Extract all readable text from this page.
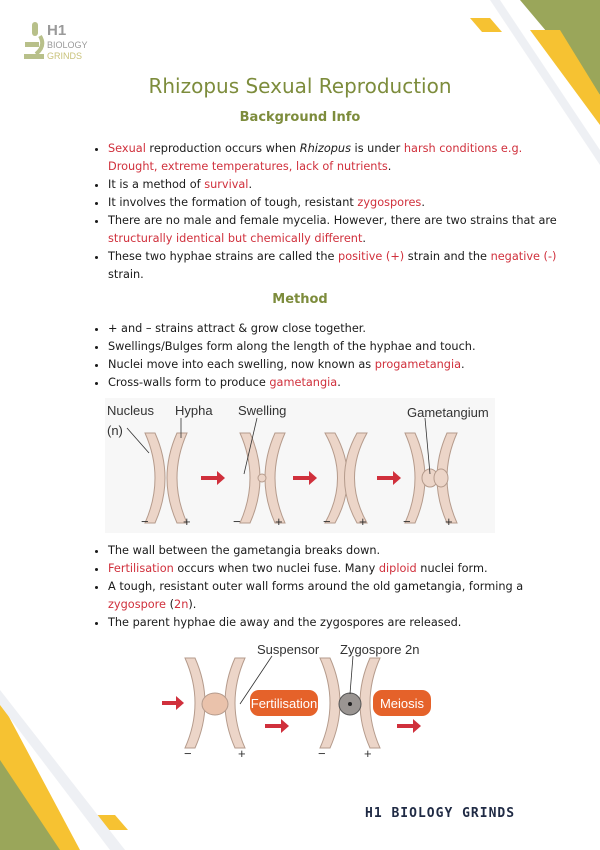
H1
BIOLOGY
GRINDS
Rhizopus Sexual Reproduction
Background Info
• Sexual reproduction occurs when Rhizopus is under harsh conditions e.g. Drought, extreme temperatures, lack of nutrients.
• It is a method of survival.
• It involves the formation of tough, resistant zygospores.
• There are no male and female mycelia. However, there are two strains that are structurally identical but chemically different.
• These two hyphae strains are called the positive (+) strain and the negative (-) strain.
Method
• + and – strains attract & grow close together.
• Swellings/Bulges form along the length of the hyphae and touch.
• Nuclei move into each swelling, now known as progametangia.
• Cross-walls form to produce gametangia.
Nucleus
(n)
Hypha Swelling	Gametangium
−	+	−	+	− +	−	+
• The wall between the gametangia breaks down.
• Fertilisation occurs when two nuclei fuse. Many diploid nuclei form.
• A tough, resistant outer wall forms around the old gametangia, forming a zygospore (2n).
• The parent hyphae die away and the zygospores are released.
Fertilisation	Meiosis
Suspensor Zygospore 2n
−	+	−	+
H1 BIOLOGY GRINDS
